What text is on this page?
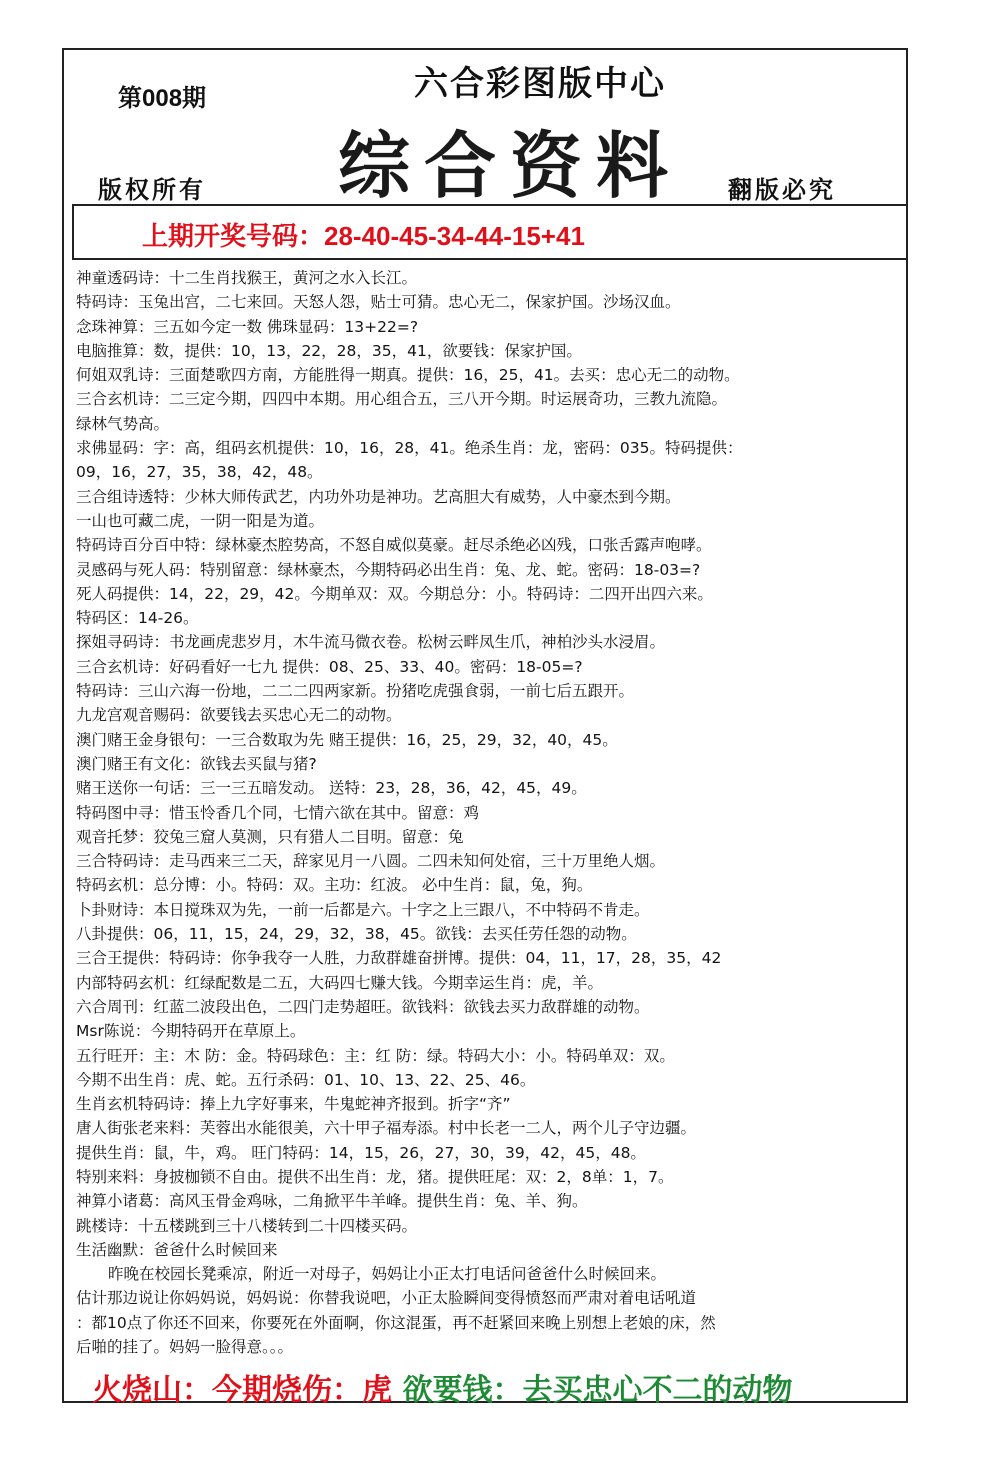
第008期	六合彩图版中心
综合资料
版权所有	翻版必究
上期开奖号码：28-40-45-34-44-15+41
神童透码诗：十二生肖找猴王，黄河之水入长江。
特码诗：玉兔出宫，二七来回。天怒人怨，贴士可猜。忠心无二，保家护国。沙场汉血。
念珠神算：三五如今定一数 佛珠显码：13+22=?
电脑推算：数，提供：10，13，22，28，35，41，欲要钱：保家护国。
何姐双乳诗：三面楚歌四方南，方能胜得一期真。提供：16，25，41。去买：忠心无二的动物。
三合玄机诗：二三定今期，四四中本期。用心组合五，三八开今期。时运展奇功，三教九流隐。
绿林气势高。
求佛显码：字：高，组码玄机提供：10，16，28，41。绝杀生肖：龙，密码：035。特码提供：
09，16，27，35，38，42，48。
三合组诗透特：少林大师传武艺，内功外功是神功。艺高胆大有威势，人中豪杰到今期。
一山也可藏二虎，一阴一阳是为道。
特码诗百分百中特：绿林豪杰腔势高，不怒自威似莫豪。赶尽杀绝必凶残，口张舌露声咆哮。
灵感码与死人码：特别留意：绿林豪杰，今期特码必出生肖：兔、龙、蛇。密码：18-03=?
死人码提供：14，22，29，42。今期单双：双。今期总分：小。特码诗：二四开出四六来。
特码区：14-26。
探姐寻码诗：书龙画虎悲岁月，木牛流马微衣卷。松树云畔凤生爪，神柏沙头水浸眉。
三合玄机诗：好码看好一七九 提供：08、25、33、40。密码：18-05=?
特码诗：三山六海一份地，二二二四两家新。扮猪吃虎强食弱，一前七后五跟开。
九龙宫观音赐码：欲要钱去买忠心无二的动物。
澳门赌王金身银句：一三合数取为先 赌王提供：16，25，29，32，40，45。
澳门赌王有文化：欲钱去买鼠与猪?
赌王送你一句话：三一三五暗发动。 送特：23，28，36，42，45，49。
特码图中寻：惜玉怜香几个同，七情六欲在其中。留意：鸡
观音托梦：狡兔三窟人莫测，只有猎人二目明。留意：兔
三合特码诗：走马西来三二天，辞家见月一八圆。二四未知何处宿，三十万里绝人烟。
特码玄机：总分博：小。特码：双。主功：红波。 必中生肖：鼠，兔，狗。
卜卦财诗：本日搅珠双为先，一前一后都是六。十字之上三跟八，不中特码不肯走。
八卦提供：06，11，15，24，29，32，38，45。欲钱：去买任劳任怨的动物。
三合王提供：特码诗：你争我夺一人胜，力敌群雄奋拼博。提供：04，11，17，28，35，42
内部特码玄机：红绿配数是二五，大码四七赚大钱。今期幸运生肖：虎，羊。
六合周刊：红蓝二波段出色，二四门走势超旺。欲钱料：欲钱去买力敌群雄的动物。
Msr陈说：今期特码开在草原上。
五行旺开：主：木 防：金。特码球色：主：红 防：绿。特码大小：小。特码单双：双。
今期不出生肖：虎、蛇。五行杀码：01、10、13、22、25、46。
生肖玄机特码诗：捧上九字好事来，牛鬼蛇神齐报到。折字“齐”
唐人街张老来料：芙蓉出水能很美，六十甲子福寿添。村中长老一二人，两个儿子守边疆。
提供生肖：鼠，牛，鸡。 旺门特码：14，15，26，27，30，39，42，45，48。
特别来料：身披枷锁不自由。提供不出生肖：龙，猪。提供旺尾：双：2，8单：1，7。
神算小诸葛：高风玉骨金鸡咏，二角掀平牛羊峰。提供生肖：兔、羊、狗。
跳楼诗：十五楼跳到三十八楼转到二十四楼买码。
生活幽默：爸爸什么时候回来
昨晚在校园长凳乘凉，附近一对母子，妈妈让小正太打电话问爸爸什么时候回来。
估计那边说让你妈妈说，妈妈说：你替我说吧，小正太脸瞬间变得愤怒而严肃对着电话吼道
：都10点了你还不回来，你要死在外面啊，你这混蛋，再不赶紧回来晚上别想上老娘的床，然
后啪的挂了。妈妈一脸得意。。。
火烧山：今期烧伤：虎 欲要钱：去买忠心不二的动物
